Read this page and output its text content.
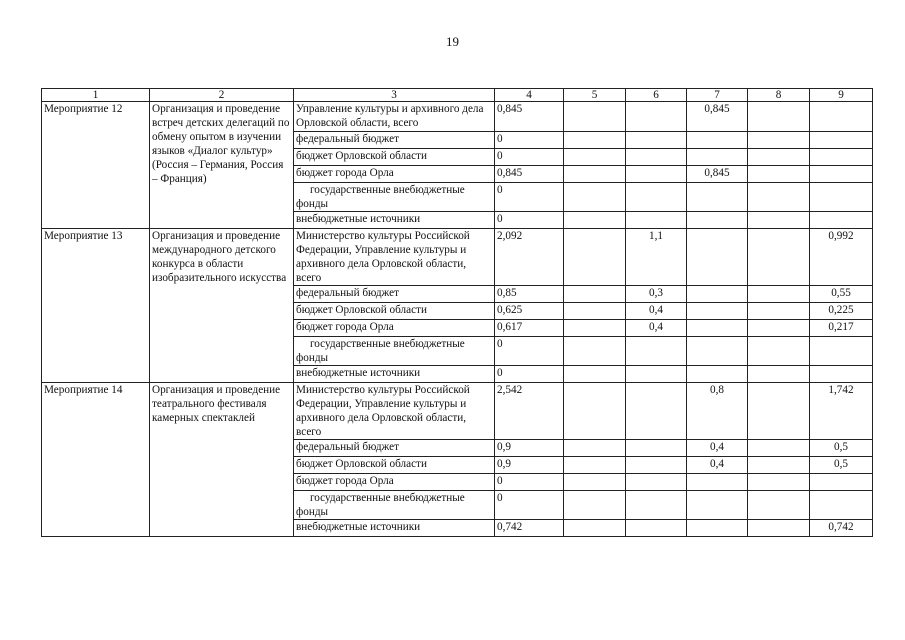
19
1	2	3	4	5	6	7	8	9
Мероприятие 12	Организация и проведение встреч детских делегаций по обмену опытом в изучении языков «Диалог культур» (Россия – Германия, Россия – Франция)	Управление культуры и архивного дела Орловской области, всего	0,845			0,845		
		федеральный бюджет	0					
		бюджет Орловской области	0					
		бюджет города Орла	0,845			0,845		
		государственные внебюджетные фонды	0					
		внебюджетные источники	0					
Мероприятие 13	Организация и проведение международного детского конкурса в области изобразительного искусства	Министерство культуры Российской Федерации, Управление культуры и архивного дела Орловской области, всего	2,092		1,1			0,992
		федеральный бюджет	0,85		0,3			0,55
		бюджет Орловской области	0,625		0,4			0,225
		бюджет города Орла	0,617		0,4			0,217
		государственные внебюджетные фонды	0					
		внебюджетные источники	0					
Мероприятие 14	Организация и проведение театрального фестиваля камерных спектаклей	Министерство культуры Российской Федерации, Управление культуры и архивного дела Орловской области, всего	2,542			0,8		1,742
		федеральный бюджет	0,9			0,4		0,5
		бюджет Орловской области	0,9			0,4		0,5
		бюджет города Орла	0					
		государственные внебюджетные фонды	0					
		внебюджетные источники	0,742					0,742
